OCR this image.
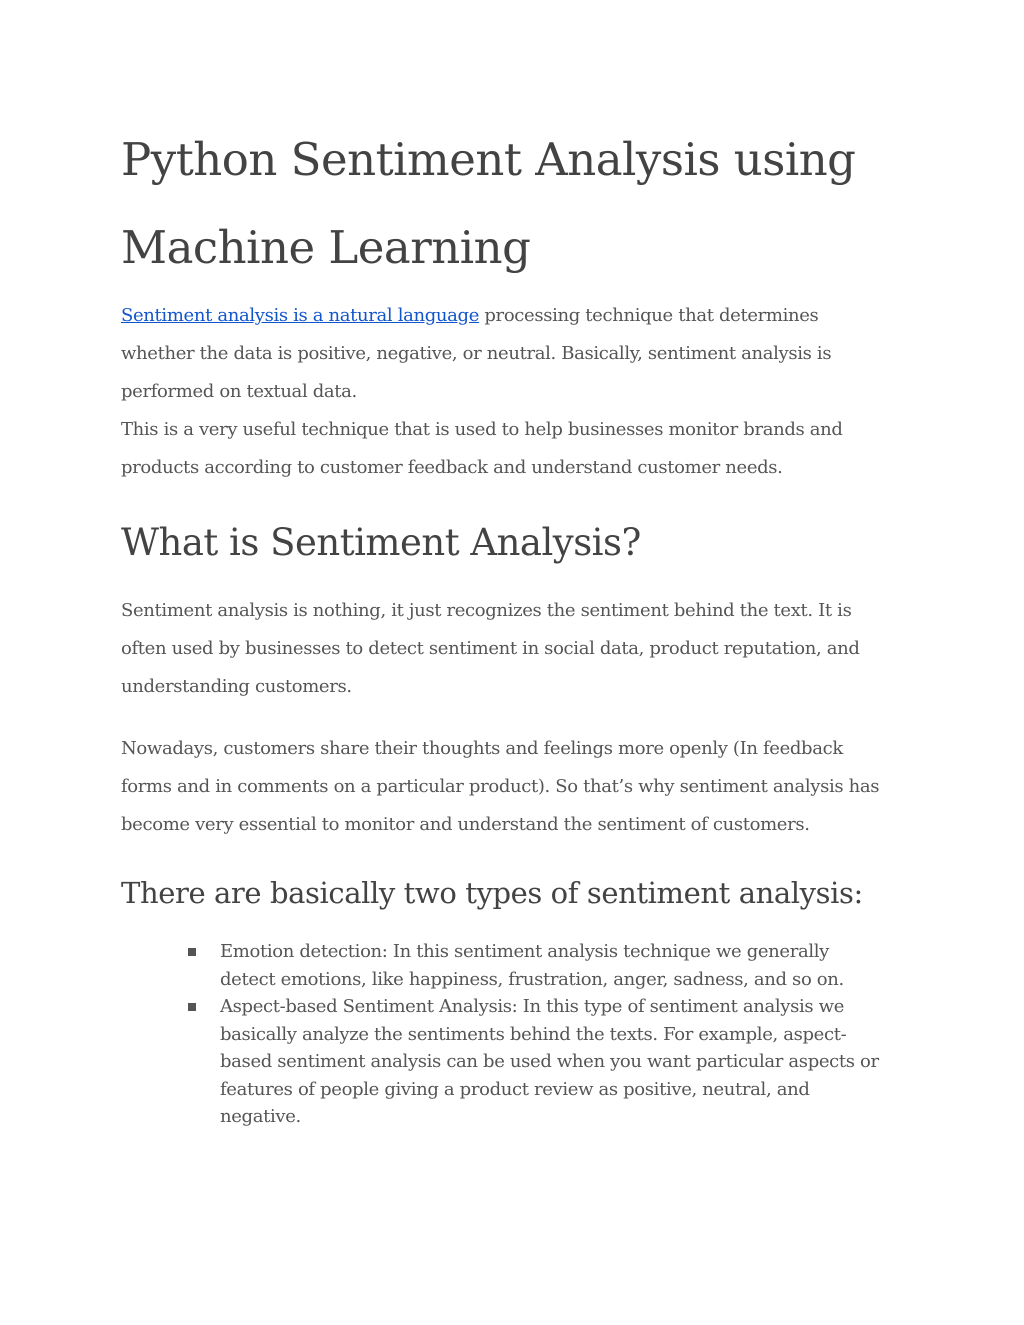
Python Sentiment Analysis using Machine Learning

Sentiment analysis is a natural language processing technique that determines whether the data is positive, negative, or neutral. Basically, sentiment analysis is performed on textual data.

This is a very useful technique that is used to help businesses monitor brands and products according to customer feedback and understand customer needs.

What is Sentiment Analysis?

Sentiment analysis is nothing, it just recognizes the sentiment behind the text. It is often used by businesses to detect sentiment in social data, product reputation, and understanding customers.

Nowadays, customers share their thoughts and feelings more openly (In feedback forms and in comments on a particular product). So that’s why sentiment analysis has become very essential to monitor and understand the sentiment of customers.

There are basically two types of sentiment analysis:
Emotion detection: In this sentiment analysis technique we generally detect emotions, like happiness, frustration, anger, sadness, and so on.
Aspect-based Sentiment Analysis: In this type of sentiment analysis we basically analyze the sentiments behind the texts. For example, aspect-based sentiment analysis can be used when you want particular aspects or features of people giving a product review as positive, neutral, and negative.
